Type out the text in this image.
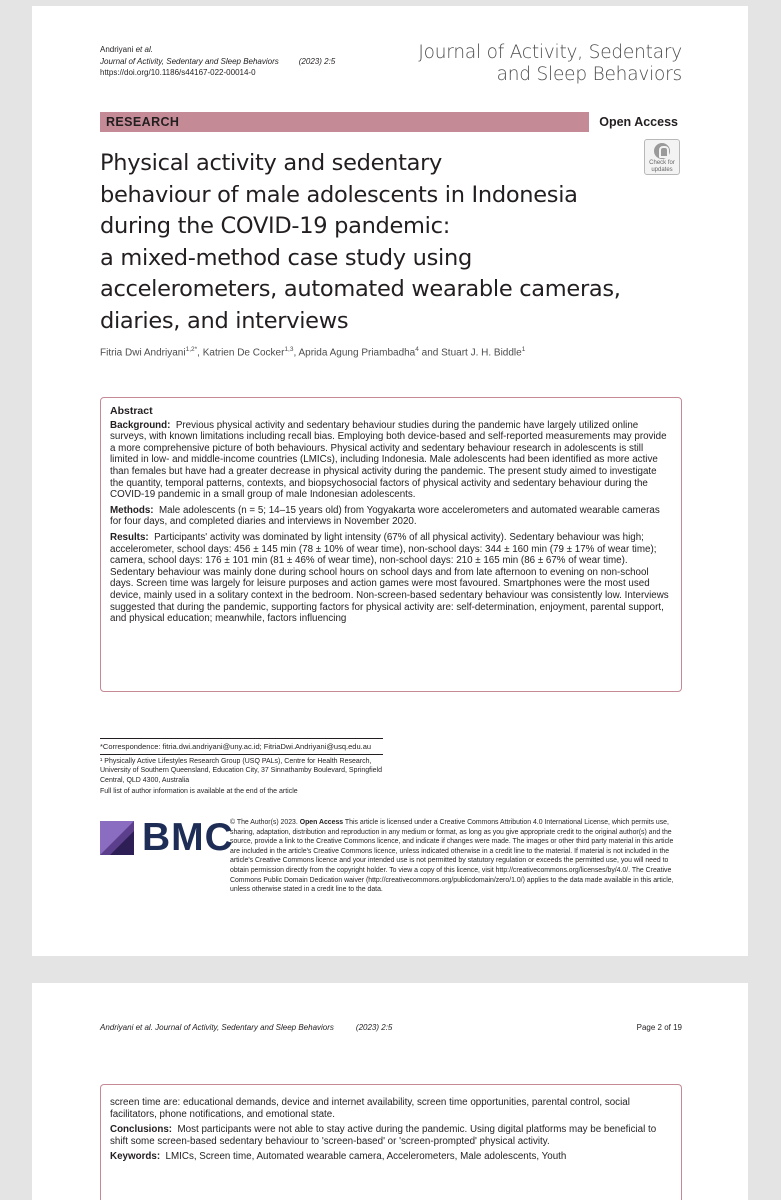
Andriyani et al.
Journal of Activity, Sedentary and Sleep Behaviors	(2023) 2:5
https://doi.org/10.1186/s44167-022-00014-0
Journal of Activity, Sedentary
and Sleep Behaviors
RESEARCH	Open Access
Check for
updates
Physical activity and sedentary
behaviour of male adolescents in Indonesia
during the COVID-19 pandemic:
a mixed-method case study using
accelerometers, automated wearable cameras,
diaries, and interviews
Fitria Dwi Andriyani$^{1,2*}$, Katrien De Cocker$^{1,3}$, Aprida Agung Priambadha$^4$ and Stuart J. H. Biddle$^1$
Abstract

Background: Previous physical activity and sedentary behaviour studies during the pandemic have largely utilized online surveys, with known limitations including recall bias. Employing both device-based and self-reported measurements may provide a more comprehensive picture of both behaviours. Physical activity and sedentary behaviour research in adolescents is still limited in low- and middle-income countries (LMICs), including Indonesia. Male adolescents had been identified as more active than females but have had a greater decrease in physical activity during the pandemic. The present study aimed to investigate the quantity, temporal patterns, contexts, and biopsychosocial factors of physical activity and sedentary behaviour during the COVID-19 pandemic in a small group of male Indonesian adolescents.

Methods: Male adolescents (n = 5; 14–15 years old) from Yogyakarta wore accelerometers and automated wearable cameras for four days, and completed diaries and interviews in November 2020.

Results: Participants' activity was dominated by light intensity (67% of all physical activity). Sedentary behaviour was high; accelerometer, school days: 456 ± 145 min (78 ± 10% of wear time), non-school days: 344 ± 160 min (79 ± 17% of wear time); camera, school days: 176 ± 101 min (81 ± 46% of wear time), non-school days: 210 ± 165 min (86 ± 67% of wear time). Sedentary behaviour was mainly done during school hours on school days and from late afternoon to evening on non-school days. Screen time was largely for leisure purposes and action games were most favoured. Smartphones were the most used device, mainly used in a solitary context in the bedroom. Non-screen-based sedentary behaviour was consistently low. Interviews suggested that during the pandemic, supporting factors for physical activity are: self-determination, enjoyment, parental support, and physical education; meanwhile, factors influencing

*Correspondence: fitria.dwi.andriyani@uny.ac.id; FitriaDwi.Andriyani@usq.edu.au
¹ Physically Active Lifestyles Research Group (USQ PALs), Centre for Health Research, University of Southern Queensland, Education City, 37 Sinnathamby Boulevard, Springfield Central, QLD 4300, Australia
Full list of author information is available at the end of the article
BMC
© The Author(s) 2023. Open Access This article is licensed under a Creative Commons Attribution 4.0 International License, which permits use, sharing, adaptation, distribution and reproduction in any medium or format, as long as you give appropriate credit to the original author(s) and the source, provide a link to the Creative Commons licence, and indicate if changes were made. The images or other third party material in this article are included in the article's Creative Commons licence, unless indicated otherwise in a credit line to the material. If material is not included in the article's Creative Commons licence and your intended use is not permitted by statutory regulation or exceeds the permitted use, you will need to obtain permission directly from the copyright holder. To view a copy of this licence, visit http://creativecommons.org/licenses/by/4.0/. The Creative Commons Public Domain Dedication waiver (http://creativecommons.org/publicdomain/zero/1.0/) applies to the data made available in this article, unless otherwise stated in a credit line to the data.
Andriyani et al. Journal of Activity, Sedentary and Sleep Behaviors	(2023) 2:5	Page 2 of 19

screen time are: educational demands, device and internet availability, screen time opportunities, parental control, social facilitators, phone notifications, and emotional state.

Conclusions: Most participants were not able to stay active during the pandemic. Using digital platforms may be beneficial to shift some screen-based sedentary behaviour to 'screen-based' or 'screen-prompted' physical activity.

Keywords: LMICs, Screen time, Automated wearable camera, Accelerometers, Male adolescents, Youth
